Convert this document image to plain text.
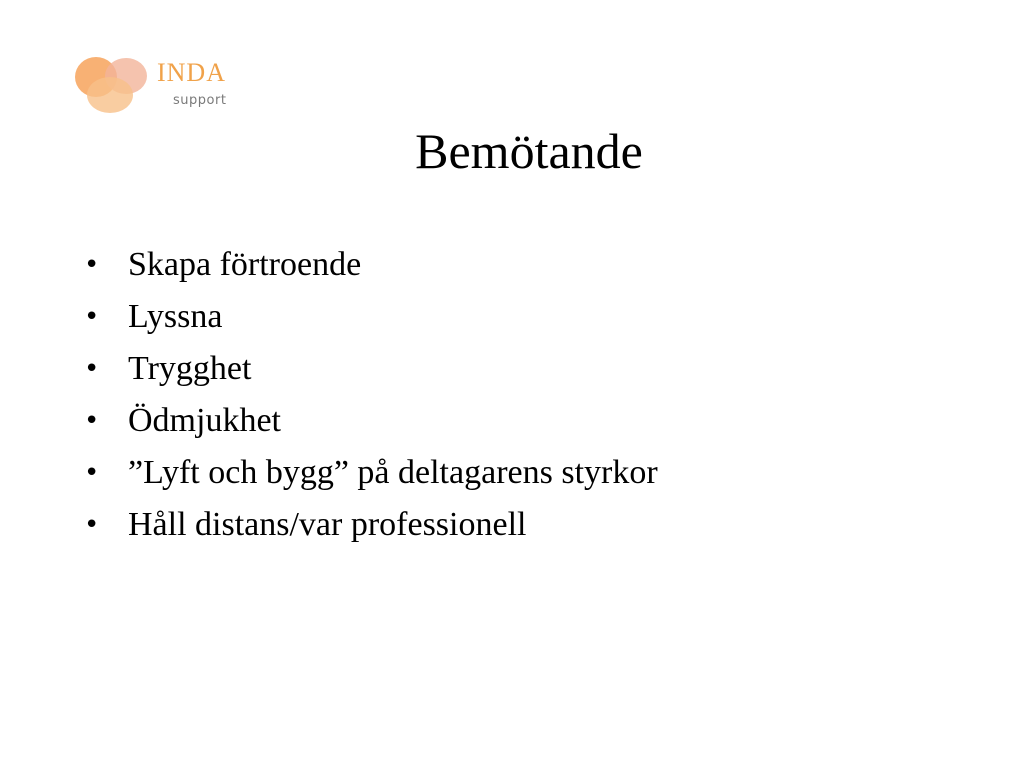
INDA
support
Bemötande
• Skapa förtroende
• Lyssna
• Trygghet
• Ödmjukhet
• ”Lyft och bygg” på deltagarens styrkor
• Håll distans/var professionell
